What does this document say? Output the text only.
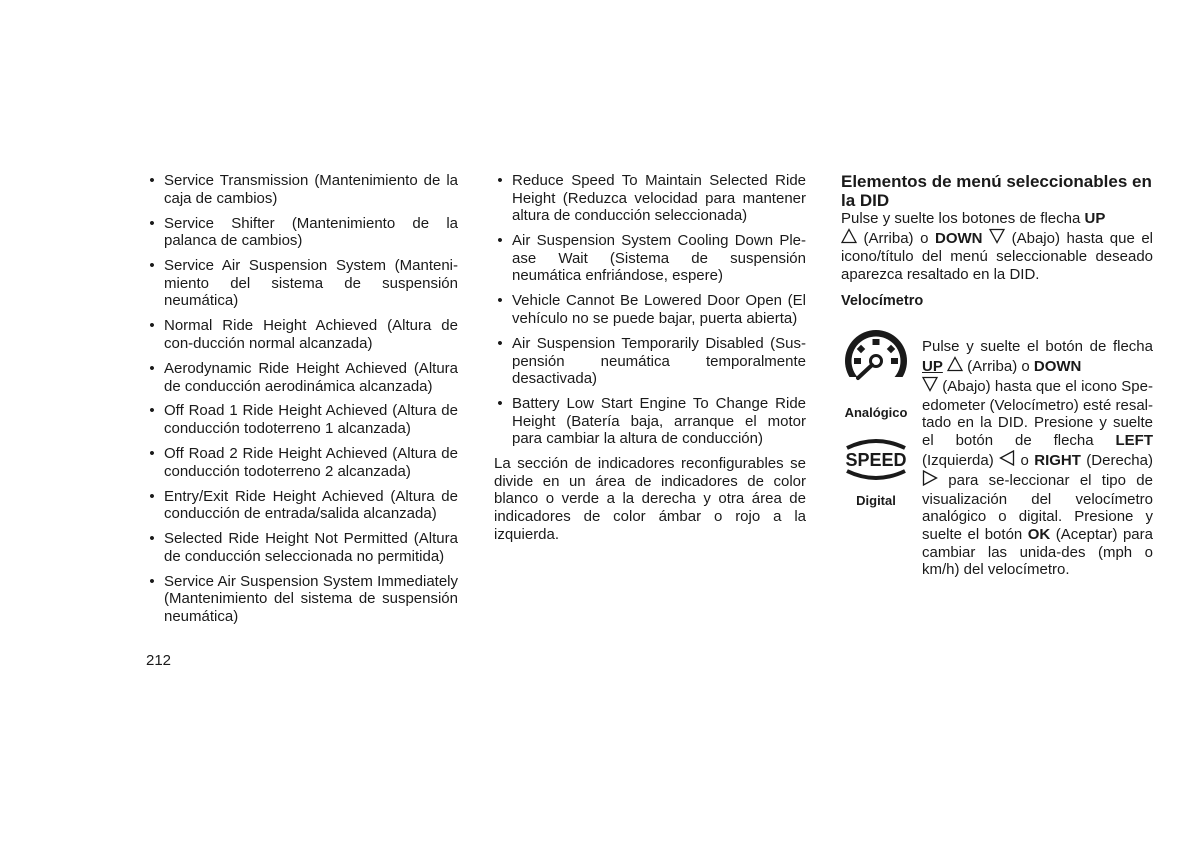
• Service Transmission (Mantenimiento de la caja de cambios)
• Service Shifter (Mantenimiento de la palanca de cambios)
• Service Air Suspension System (Manteni-miento del sistema de suspensión neumática)
• Normal Ride Height Achieved (Altura de con-ducción normal alcanzada)
• Aerodynamic Ride Height Achieved (Altura de conducción aerodinámica alcanzada)
• Off Road 1 Ride Height Achieved (Altura de conducción todoterreno 1 alcanzada)
• Off Road 2 Ride Height Achieved (Altura de conducción todoterreno 2 alcanzada)
• Entry/Exit Ride Height Achieved (Altura de conducción de entrada/salida alcanzada)
• Selected Ride Height Not Permitted (Altura de conducción seleccionada no permitida)
• Service Air Suspension System Immediately (Mantenimiento del sistema de suspensión neumática)
• Reduce Speed To Maintain Selected Ride Height (Reduzca velocidad para mantener altura de conducción seleccionada)
• Air Suspension System Cooling Down Ple-ase Wait (Sistema de suspensión neumática enfriándose, espere)
• Vehicle Cannot Be Lowered Door Open (El vehículo no se puede bajar, puerta abierta)
• Air Suspension Temporarily Disabled (Sus-pensión neumática temporalmente desactivada)
• Battery Low Start Engine To Change Ride Height (Batería baja, arranque el motor para cambiar la altura de conducción)

La sección de indicadores reconfigurables se divide en un área de indicadores de color blanco o verde a la derecha y otra área de indicadores de color ámbar o rojo a la izquierda.

Elementos de menú seleccionables en la DID

Pulse y suelte los botones de flecha UP
(Arriba) o DOWN  (Abajo) hasta que el icono/título del menú seleccionable deseado aparezca resaltado en la DID.

Velocímetro
Analógico
SPEED
Digital

Pulse y suelte el botón de flecha UP  (Arriba) o DOWN
(Abajo) hasta que el icono Spe-edometer (Velocímetro) esté resal-tado en la DID. Presione y suelte el botón de flecha LEFT (Izquierda)  o RIGHT (Derecha)  para se-leccionar el tipo de visualización del velocímetro analógico o digital. Presione y suelte el botón OK (Aceptar) para cambiar las unida-des (mph o km/h) del velocímetro.

212
